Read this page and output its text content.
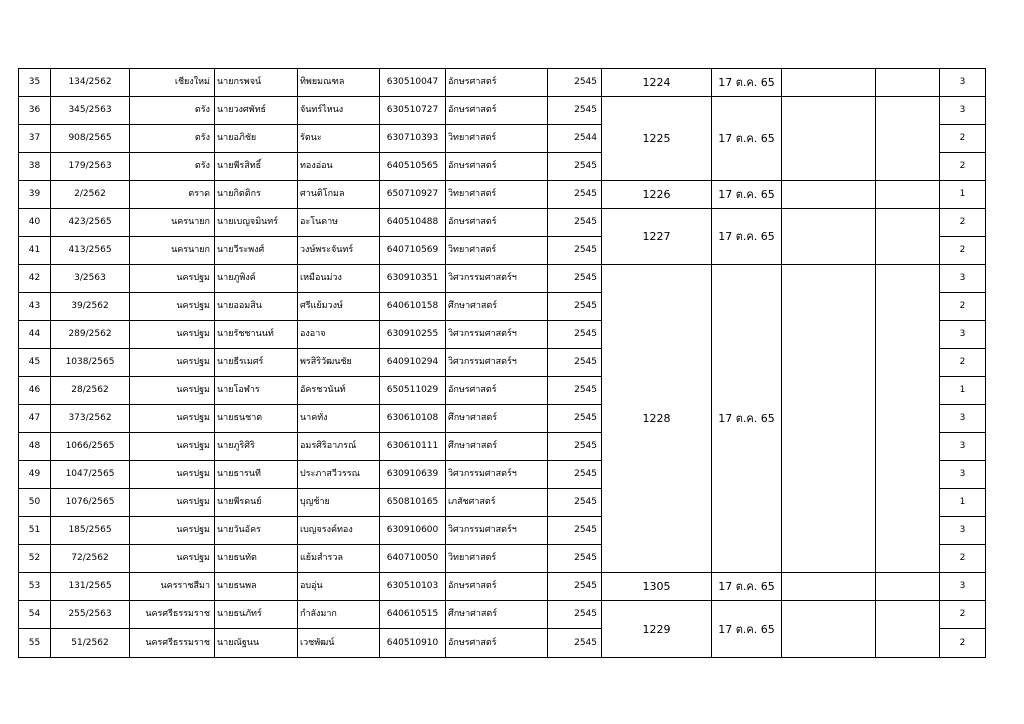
35	134/2562	เชียงใหม่	นายกรพจน์	ทิพยมณฑล	630510047	อักษรศาสตร์	2545	1224	17 ต.ค. 65			3
36	345/2563	ตรัง	นายวงศพัทธ์	จันทร์ไหนง	630510727	อักษรศาสตร์	2545	1225	17 ต.ค. 65			3
37	908/2565	ตรัง	นายอภิชัย	รัตนะ	630710393	วิทยาศาสตร์	2544					2
38	179/2563	ตรัง	นายพีรสิทธิ์	ทองอ่อน	640510565	อักษรศาสตร์	2545					2
39	2/2562	ตราด	นายกิตติกร	ศานติโกมล	650710927	วิทยาศาสตร์	2545	1226	17 ต.ค. 65			1
40	423/2565	นครนายก	นายเบญจมินทร์	อะโนดาษ	640510488	อักษรศาสตร์	2545	1227	17 ต.ค. 65			2
41	413/2565	นครนายก	นายวีระพงศ์	วงษ์พระจันทร์	640710569	วิทยาศาสตร์	2545					2
42	3/2563	นครปฐม	นายภูพิงค์	เหมือนม่วง	630910351	วิศวกรรมศาสตร์ฯ	2545	1228	17 ต.ค. 65			3
43	39/2562	นครปฐม	นายออมสิน	ศรีแย้มวงษ์	640610158	ศึกษาศาสตร์	2545					2
44	289/2562	นครปฐม	นายรัชชานนท์	องอาจ	630910255	วิศวกรรมศาสตร์ฯ	2545					3
45	1038/2565	นครปฐม	นายธีรเมศร์	พรสิริวัฒนชัย	640910294	วิศวกรรมศาสตร์ฯ	2545					2
46	28/2562	นครปฐม	นายโอฬาร	อัครชวนันท์	650511029	อักษรศาสตร์	2545					1
47	373/2562	นครปฐม	นายธนชาต	นาคทั่ง	630610108	ศึกษาศาสตร์	2545					3
48	1066/2565	นครปฐม	นายภูริศิริ	อมรศิริอาภรณ์	630610111	ศึกษาศาสตร์	2545					3
49	1047/2565	นครปฐม	นายธารนที	ประภาสวีวรรณ	630910639	วิศวกรรมศาสตร์ฯ	2545					3
50	1076/2565	นครปฐม	นายพีรดนย์	บุญช้าย	650810165	เภสัชศาสตร์	2545					1
51	185/2565	นครปฐม	นายวันอัคร	เบญจรงค์ทอง	630910600	วิศวกรรมศาสตร์ฯ	2545					3
52	72/2562	นครปฐม	นายธนทัต	แย้มสำรวล	640710050	วิทยาศาสตร์	2545					2
53	131/2565	นครราชสีมา	นายธนพล	อบอุ่น	630510103	อักษรศาสตร์	2545	1305	17 ต.ค. 65			3
54	255/2563	นครศรีธรรมราช	นายธนภัทร์	กำลังมาก	640610515	ศึกษาศาสตร์	2545	1229	17 ต.ค. 65			2
55	51/2562	นครศรีธรรมราช	นายณัฐนน	เวชพัฒน์	640510910	อักษรศาสตร์	2545					2
